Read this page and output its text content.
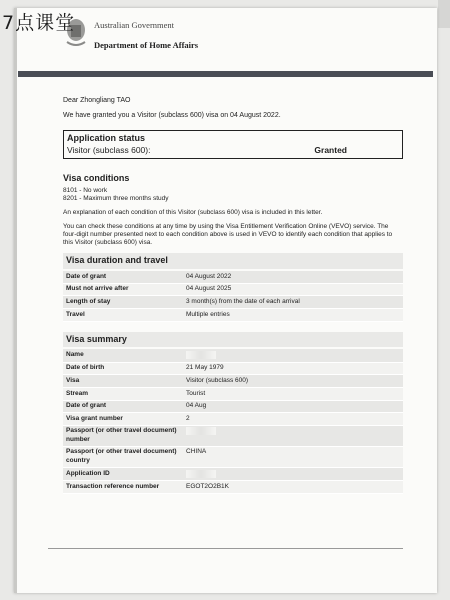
7点课堂 Australian Government
Department of Home Affairs
Dear Zhongliang TAO
We have granted you a Visitor (subclass 600) visa on 04 August 2022.
Application status
Visitor (subclass 600):	Granted
Visa conditions
8101 - No work
8201 - Maximum three months study
An explanation of each condition of this Visitor (subclass 600) visa is included in this letter.
You can check these conditions at any time by using the Visa Entitlement Verification Online (VEVO) service. The four-digit number presented next to each condition above is used in VEVO to identify each condition that applies to this Visitor (subclass 600) visa.
Visa duration and travel
Date of grant	04 August 2022
Must not arrive after	04 August 2025
Length of stay	3 month(s) from the date of each arrival
Travel	Multiple entries
Visa summary
Name	
Date of birth	21 May 1979
Visa	Visitor (subclass 600)
Stream	Tourist
Date of grant	04 Aug
Visa grant number	2
Passport (or other travel document) number	
Passport (or other travel document) country	CHINA
Application ID	
Transaction reference number	EGOT2O2B1K
